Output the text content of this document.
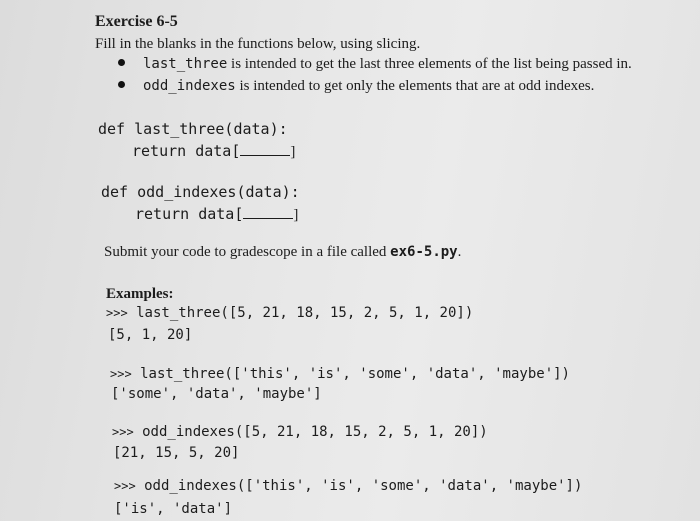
Exercise 6-5
Fill in the blanks in the functions below, using slicing.
last_three is intended to get the last three elements of the list being passed in.
odd_indexes is intended to get only the elements that are at odd indexes.
def last_three(data):
return data[	]
def odd_indexes(data):
return data[	]
Submit your code to gradescope in a file called ex6-5.py.
Examples:
>>> last_three([5, 21, 18, 15, 2, 5, 1, 20])
[5, 1, 20]
>>> last_three(['this', 'is', 'some', 'data', 'maybe'])
['some', 'data', 'maybe']
>>> odd_indexes([5, 21, 18, 15, 2, 5, 1, 20])
[21, 15, 5, 20]
>>> odd_indexes(['this', 'is', 'some', 'data', 'maybe'])
['is', 'data']
